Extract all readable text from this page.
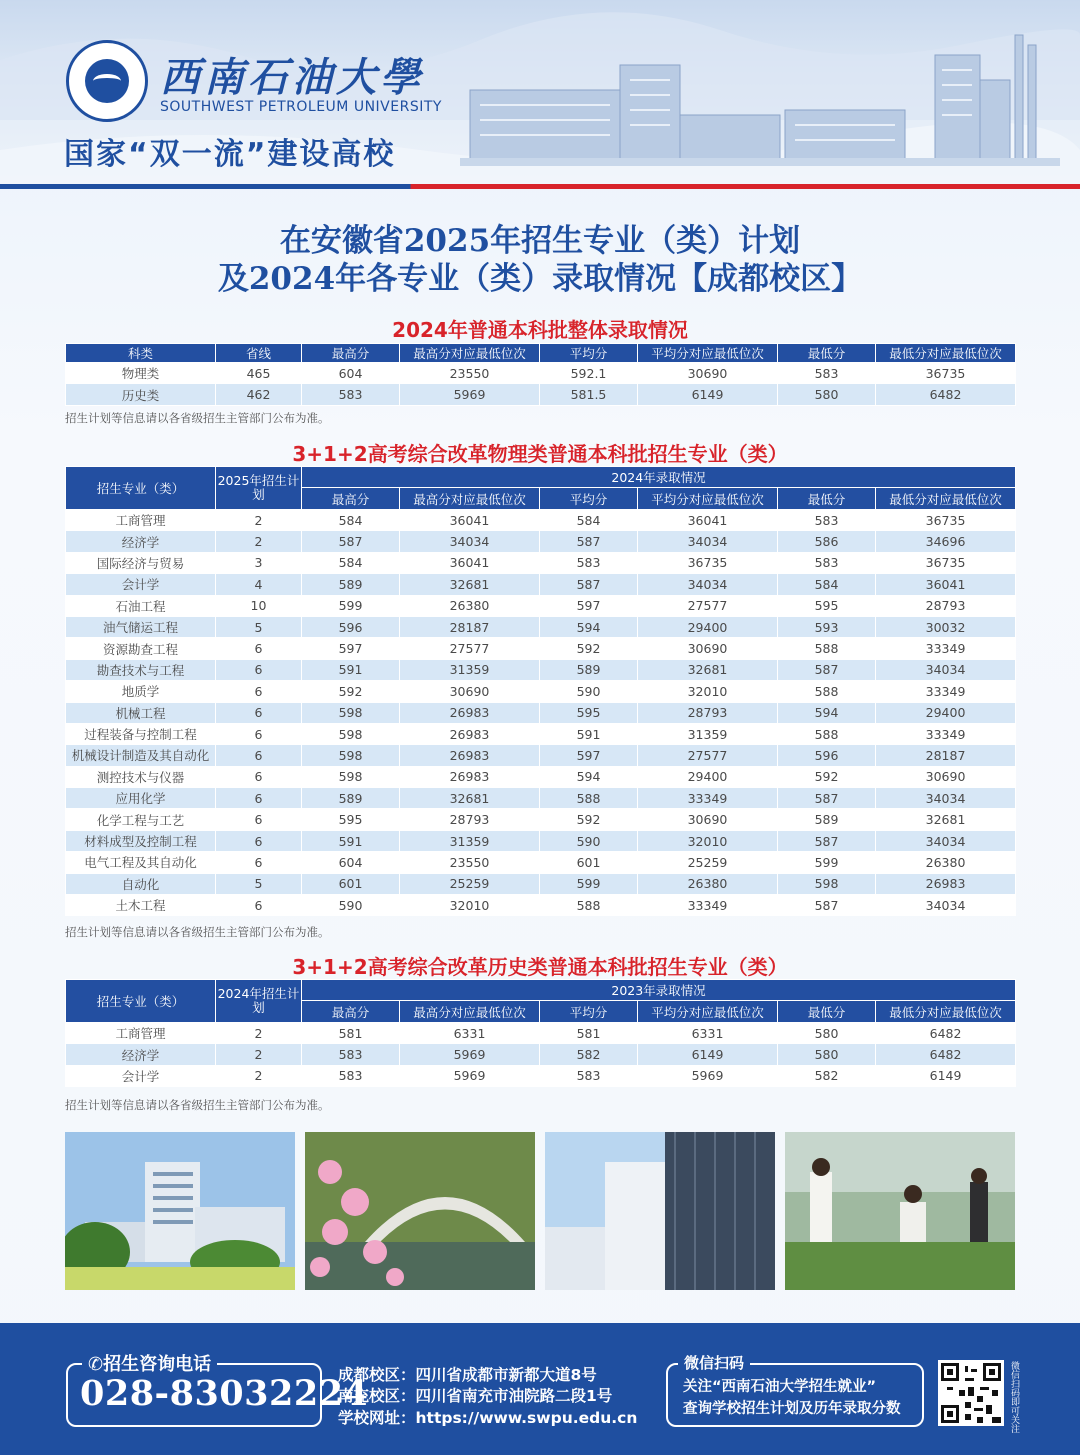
西南石油大學
SOUTHWEST PETROLEUM UNIVERSITY
国家“双一流”建设高校
在安徽省2025年招生专业（类）计划
及2024年各专业（类）录取情况【成都校区】
2024年普通本科批整体录取情况
科类	省线	最高分	最高分对应最低位次	平均分	平均分对应最低位次	最低分	最低分对应最低位次
物理类	465	604	23550	592.1	30690	583	36735
历史类	462	583	5969	581.5	6149	580	6482
招生计划等信息请以各省级招生主管部门公布为准。
3+1+2高考综合改革物理类普通本科批招生专业（类）
招生专业（类）	2025年招生计划	2024年录取情况					
		最高分	最高分对应最低位次	平均分	平均分对应最低位次	最低分	最低分对应最低位次
工商管理	2	584	36041	584	36041	583	36735
经济学	2	587	34034	587	34034	586	34696
国际经济与贸易	3	584	36041	583	36735	583	36735
会计学	4	589	32681	587	34034	584	36041
石油工程	10	599	26380	597	27577	595	28793
油气储运工程	5	596	28187	594	29400	593	30032
资源勘查工程	6	597	27577	592	30690	588	33349
勘查技术与工程	6	591	31359	589	32681	587	34034
地质学	6	592	30690	590	32010	588	33349
机械工程	6	598	26983	595	28793	594	29400
过程装备与控制工程	6	598	26983	591	31359	588	33349
机械设计制造及其自动化	6	598	26983	597	27577	596	28187
测控技术与仪器	6	598	26983	594	29400	592	30690
应用化学	6	589	32681	588	33349	587	34034
化学工程与工艺	6	595	28793	592	30690	589	32681
材料成型及控制工程	6	591	31359	590	32010	587	34034
电气工程及其自动化	6	604	23550	601	25259	599	26380
自动化	5	601	25259	599	26380	598	26983
土木工程	6	590	32010	588	33349	587	34034
招生计划等信息请以各省级招生主管部门公布为准。
3+1+2高考综合改革历史类普通本科批招生专业（类）
招生专业（类）	2024年招生计划	2023年录取情况					
		最高分	最高分对应最低位次	平均分	平均分对应最低位次	最低分	最低分对应最低位次
工商管理	2	581	6331	581	6331	580	6482
经济学	2	583	5969	582	6149	580	6482
会计学	2	583	5969	583	5969	582	6149
招生计划等信息请以各省级招生主管部门公布为准。
✆招生咨询电话
028-83032224
成都校区：四川省成都市新都大道8号
南充校区：四川省南充市油院路二段1号
学校网址：https://www.swpu.edu.cn
微信扫码
关注“西南石油大学招生就业”
查询学校招生计划及历年录取分数	微信扫码即可关注
